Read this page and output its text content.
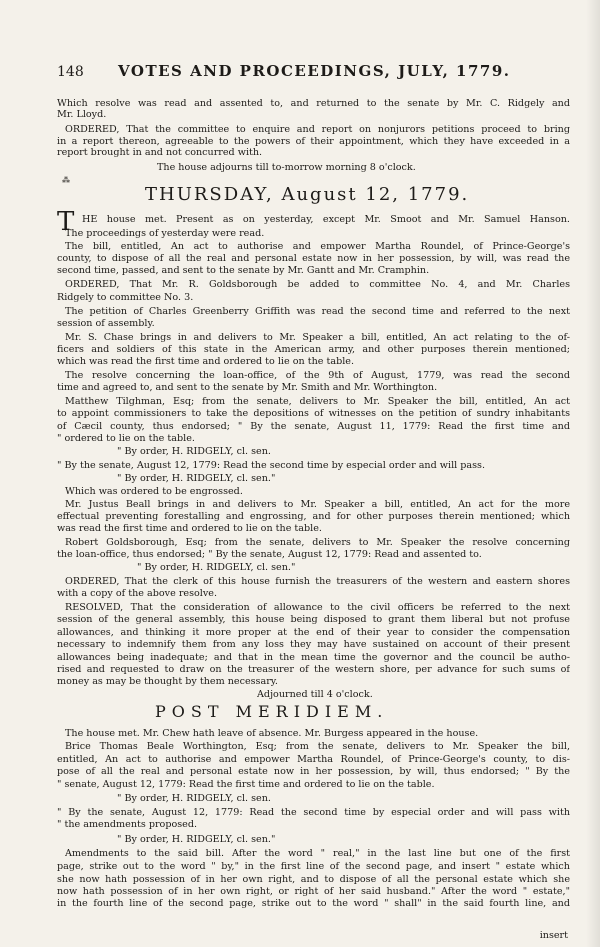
148 VOTES AND PROCEEDINGS, JULY, 1779.
⁂
THURSDAY, August 12, 1779.
T
POST MERIDIEM.
Which resolve was read and assented to, and returned to the senate by Mr. C. Ridgely and
Mr. Lloyd.
ORDERED, That the committee to enquire and report on nonjurors petitions proceed to bring
in a report thereon, agreeable to the powers of their appointment, which they have exceeded in a
report brought in and not concurred with.
The house adjourns till to-morrow morning 8 o'clock.
HE house met. Present as on yesterday, except Mr. Smoot and Mr. Samuel Hanson.
The proceedings of yesterday were read.
The bill, entitled, An act to authorise and empower Martha Roundel, of Prince-George's
county, to dispose of all the real and personal estate now in her possession, by will, was read the
second time, passed, and sent to the senate by Mr. Gantt and Mr. Cramphin.
ORDERED, That Mr. R. Goldsborough be added to committee No. 4, and Mr. Charles
Ridgely to committee No. 3.
The petition of Charles Greenberry Griffith was read the second time and referred to the next
session of assembly.
Mr. S. Chase brings in and delivers to Mr. Speaker a bill, entitled, An act relating to the of-
ficers and soldiers of this state in the American army, and other purposes therein mentioned;
which was read the first time and ordered to lie on the table.
The resolve concerning the loan-office, of the 9th of August, 1779, was read the second
time and agreed to, and sent to the senate by Mr. Smith and Mr. Worthington.
Matthew Tilghman, Esq; from the senate, delivers to Mr. Speaker the bill, entitled, An act
to appoint commissioners to take the depositions of witnesses on the petition of sundry inhabitants
of Cæcil county, thus endorsed; " By the senate, August 11, 1779: Read the first time and
" ordered to lie on the table.
" By order, H. RIDGELY, cl. sen.
" By the senate, August 12, 1779: Read the second time by especial order and will pass.
" By order, H. RIDGELY, cl. sen."
Which was ordered to be engrossed.
Mr. Justus Beall brings in and delivers to Mr. Speaker a bill, entitled, An act for the more
effectual preventing forestalling and engrossing, and for other purposes therein mentioned; which
was read the first time and ordered to lie on the table.
Robert Goldsborough, Esq; from the senate, delivers to Mr. Speaker the resolve concerning
the loan-office, thus endorsed; " By the senate, August 12, 1779: Read and assented to.
" By order, H. RIDGELY, cl. sen."
ORDERED, That the clerk of this house furnish the treasurers of the western and eastern shores
with a copy of the above resolve.
RESOLVED, That the consideration of allowance to the civil officers be referred to the next
session of the general assembly, this house being disposed to grant them liberal but not profuse
allowances, and thinking it more proper at the end of their year to consider the compensation
necessary to indemnify them from any loss they may have sustained on account of their present
allowances being inadequate; and that in the mean time the governor and the council be autho-
rised and requested to draw on the treasurer of the western shore, per advance for such sums of
money as may be thought by them necessary.
Adjourned till 4 o'clock.
The house met. Mr. Chew hath leave of absence. Mr. Burgess appeared in the house.
Brice Thomas Beale Worthington, Esq; from the senate, delivers to Mr. Speaker the bill,
entitled, An act to authorise and empower Martha Roundel, of Prince-George's county, to dis-
pose of all the real and personal estate now in her possession, by will, thus endorsed; " By the
" senate, August 12, 1779: Read the first time and ordered to lie on the table.
" By order, H. RIDGELY, cl. sen.
" By the senate, August 12, 1779: Read the second time by especial order and will pass with
" the amendments proposed.
" By order, H. RIDGELY, cl. sen."
Amendments to the said bill. After the word " real," in the last line but one of the first
page, strike out to the word " by," in the first line of the second page, and insert " estate which
she now hath possession of in her own right, and to dispose of all the personal estate which she
now hath possession of in her own right, or right of her said husband." After the word " estate,"
in the fourth line of the second page, strike out to the word " shall" in the said fourth line, and
insert
